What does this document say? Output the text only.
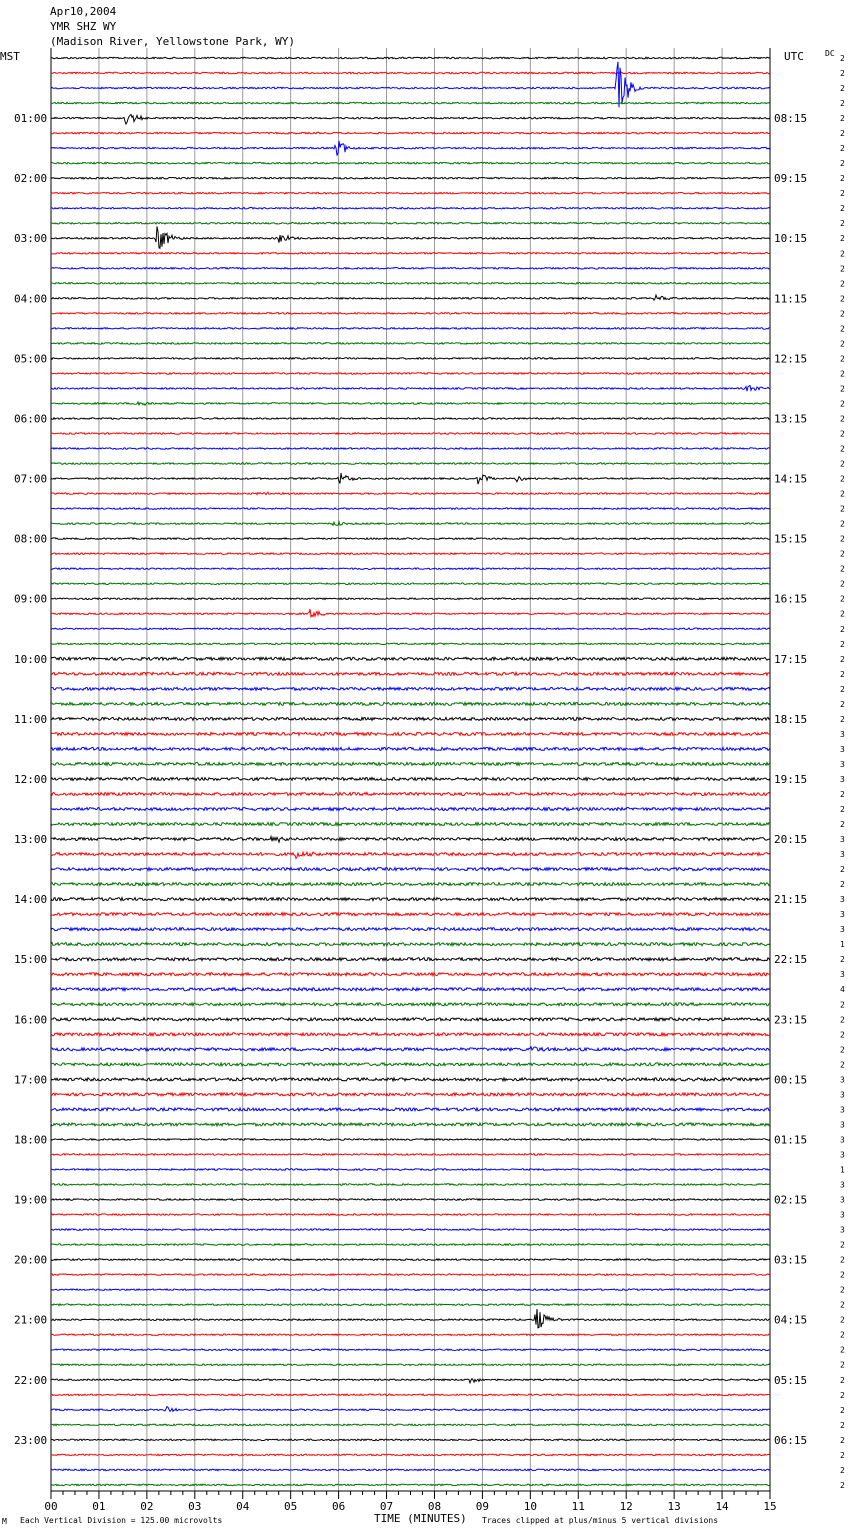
Apr10,2004
YMR SHZ WY
(Madison River, Yellowstone Park, WY)
2
2
2
2
2
01:00	08:15
2
2
2
2
02:00	09:15
2
2
2
2
03:00	10:15
2
2
2
2
04:00	11:15
2
2
2
2
05:00	12:15
2
2
2
2
06:00	13:15
2
2
2
2
07:00	14:15
2
2
2
2
08:00	15:15
2
2
2
2
09:00	16:15
2
2
2
2
10:00	17:15
2
2
2
2
11:00	18:15
3
3
3
3
12:00	19:15
2
2
2
3
13:00	20:15
3
2
2
3
14:00	21:15
3
3
1
2
15:00	22:15
3
4
2
2
16:00	23:15
2
2
2
3
17:00	00:15
3
3
3
3
18:00	01:15
3
1
3
3
19:00	02:15
3
3
2
2
20:00	03:15
2
2
2
2
21:00	04:15
2
2
2
2
22:00	05:15
2
2
2
2
23:00	06:15
2
2
2
00	01	02	03	04	05	06	07	08	09	10	11	12	13	14	15
MST	UTC	DC
TIME (MINUTES)
Each Vertical Division = 125.00 microvolts	Traces clipped at plus/minus 5 vertical divisions
M
